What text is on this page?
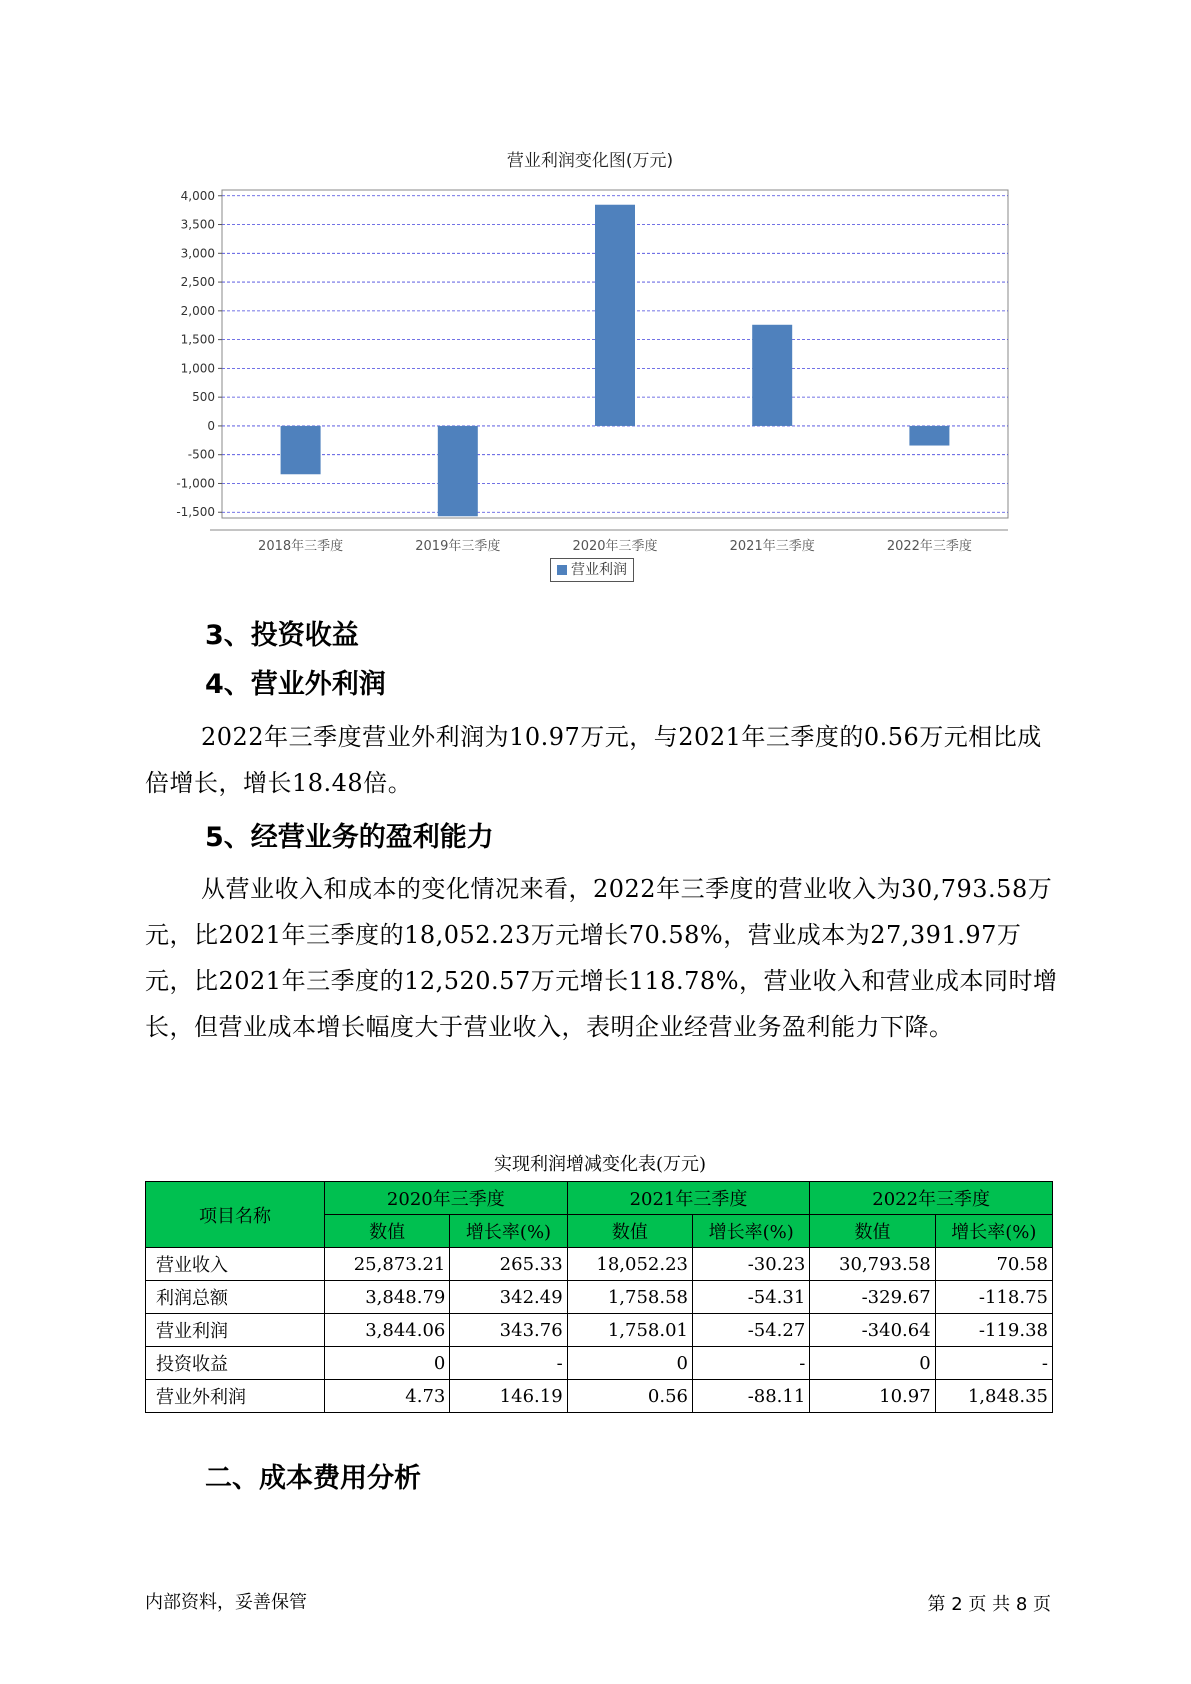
营业利润变化图(万元)
4,000
3,500
3,000
2,500
2,000
1,500
1,000
500
0
-500
-1,000
-1,500
2018年三季度	2019年三季度	2020年三季度	2021年三季度	2022年三季度
营业利润
3、投资收益
4、营业外利润

2022年三季度营业外利润为10.97万元，与2021年三季度的0.56万元相比成倍增长，增长18.48倍。

5、经营业务的盈利能力

从营业收入和成本的变化情况来看，2022年三季度的营业收入为30,793.58万元，比2021年三季度的18,052.23万元增长70.58%，营业成本为27,391.97万元，比2021年三季度的12,520.57万元增长118.78%，营业收入和营业成本同时增长，但营业成本增长幅度大于营业收入，表明企业经营业务盈利能力下降。

实现利润增减变化表(万元)
项目名称	2020年三季度		2021年三季度		2022年三季度	
	数值	增长率(%)	数值	增长率(%)	数值	增长率(%)
营业收入	25,873.21	265.33	18,052.23	-30.23	30,793.58	70.58
利润总额	3,848.79	342.49	1,758.58	-54.31	-329.67	-118.75
营业利润	3,844.06	343.76	1,758.01	-54.27	-340.64	-119.38
投资收益	0	-	0	-	0	-
营业外利润	4.73	146.19	0.56	-88.11	10.97	1,848.35
二、成本费用分析
内部资料，妥善保管	第 2 页 共 8 页
